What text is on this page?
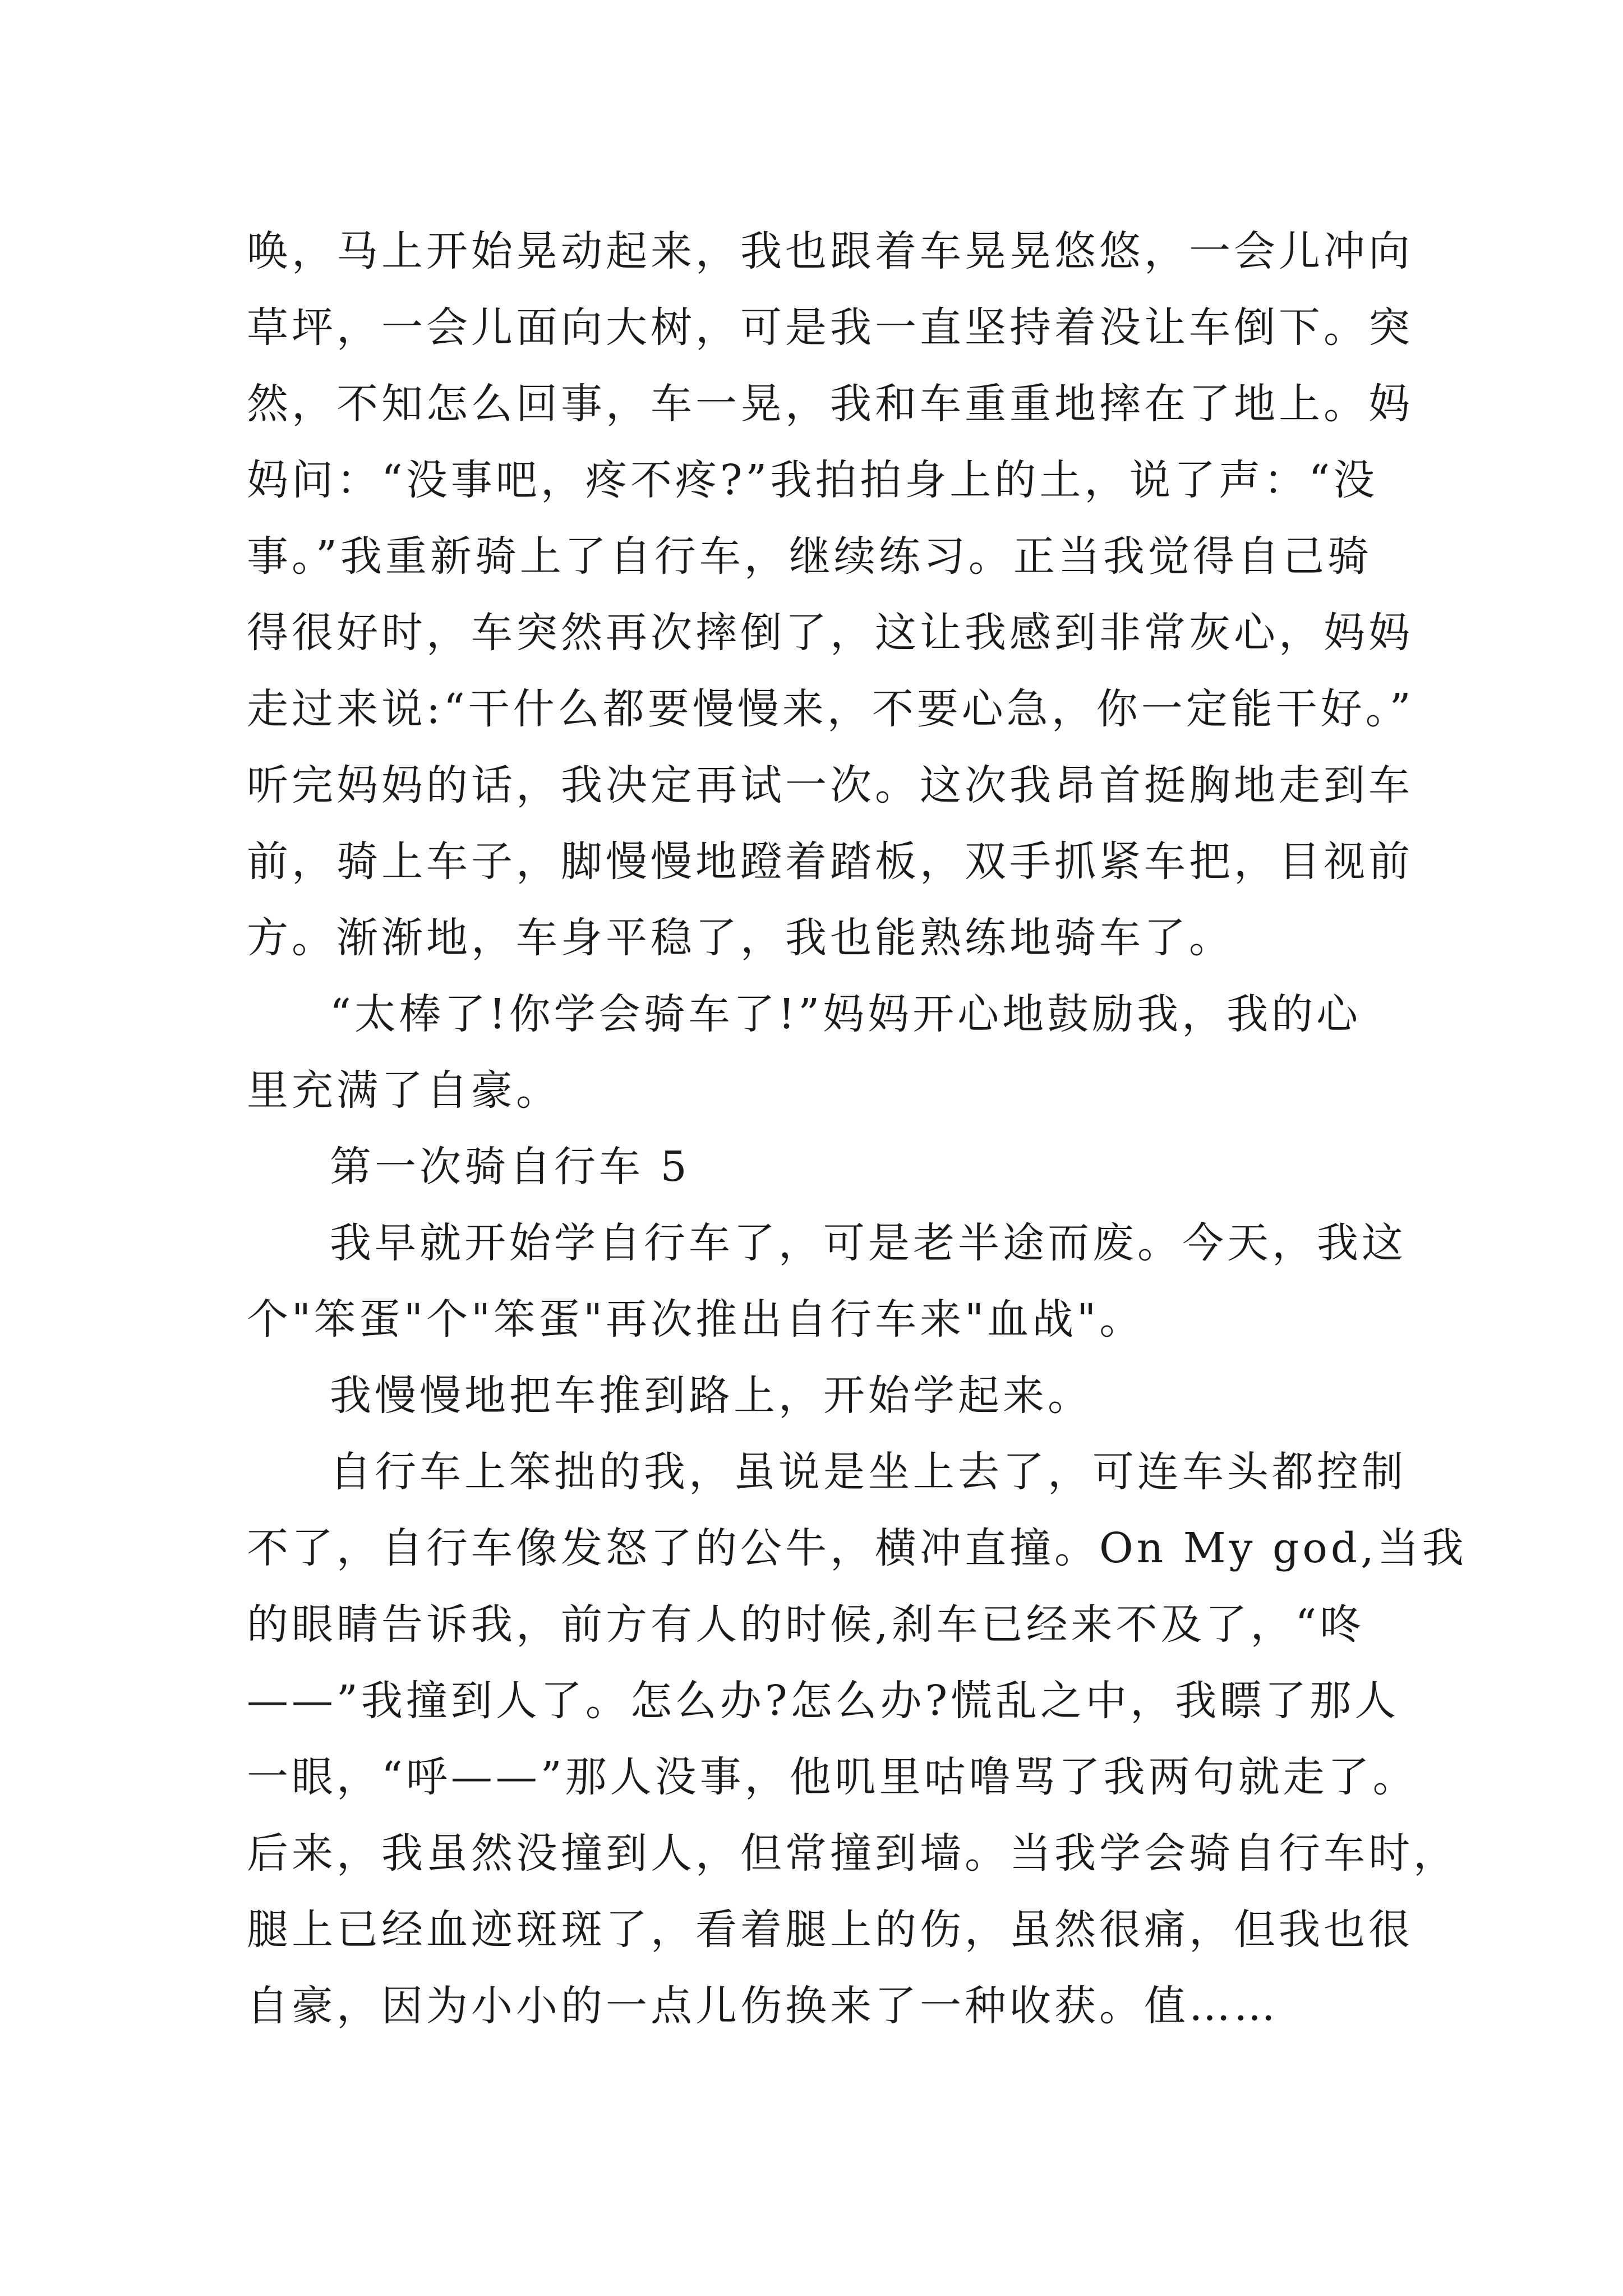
唤，马上开始晃动起来，我也跟着车晃晃悠悠，一会儿冲向
草坪，一会儿面向大树，可是我一直坚持着没让车倒下。突
然，不知怎么回事，车一晃，我和车重重地摔在了地上。妈
妈问：“没事吧，疼不疼?”我拍拍身上的土，说了声：“没
事。”我重新骑上了自行车，继续练习。正当我觉得自己骑
得很好时，车突然再次摔倒了，这让我感到非常灰心，妈妈
走过来说:“干什么都要慢慢来，不要心急，你一定能干好。”
听完妈妈的话，我决定再试一次。这次我昂首挺胸地走到车
前，骑上车子，脚慢慢地蹬着踏板，双手抓紧车把，目视前
方。渐渐地，车身平稳了，我也能熟练地骑车了。
“太棒了!你学会骑车了!”妈妈开心地鼓励我，我的心
里充满了自豪。
第一次骑自行车 5
我早就开始学自行车了，可是老半途而废。今天，我这
个"笨蛋"个"笨蛋"再次推出自行车来"血战"。
我慢慢地把车推到路上，开始学起来。
自行车上笨拙的我，虽说是坐上去了，可连车头都控制
不了，自行车像发怒了的公牛，横冲直撞。On My god,当我
的眼睛告诉我，前方有人的时候,刹车已经来不及了，“咚
——”我撞到人了。怎么办?怎么办?慌乱之中，我瞟了那人
一眼，“呼——”那人没事，他叽里咕噜骂了我两句就走了。
后来，我虽然没撞到人，但常撞到墙。当我学会骑自行车时，
腿上已经血迹斑斑了，看着腿上的伤，虽然很痛，但我也很
自豪，因为小小的一点儿伤换来了一种收获。值……
